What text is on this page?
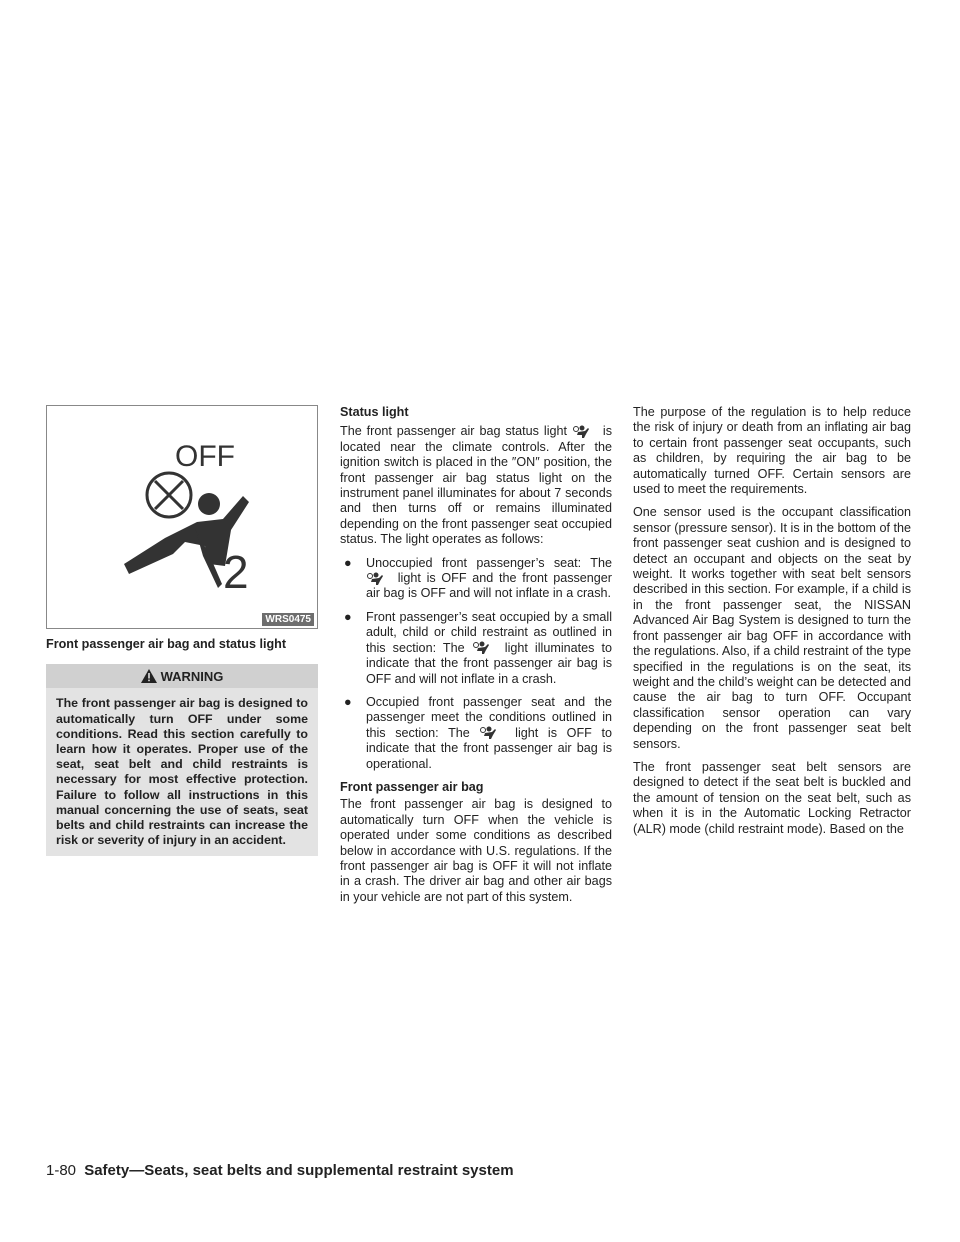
OFF
2
WRS0475
Front passenger air bag and status light
WARNING
The front passenger air bag is designed to automatically turn OFF under some conditions. Read this section carefully to learn how it operates. Proper use of the seat, seat belt and child restraints is necessary for most effective protection. Failure to follow all instructions in this manual concerning the use of seats, seat belts and child restraints can increase the risk or severity of injury in an accident.
Status light

The front passenger air bag status light	is located near the climate controls. After the ignition switch is placed in the ″ON″ position, the front passenger air bag status light on the instrument panel illuminates for about 7 seconds and then turns off or remains illuminated depending on the front passenger seat occupied status. The light operates as follows:

● Unoccupied front passenger’s seat: The  light is OFF and the front passenger air bag is OFF and will not inflate in a crash.
● Front passenger’s seat occupied by a small adult, child or child restraint as outlined in this section: The	light illuminates to indicate that the front passenger air bag is OFF and will not inflate in a crash.
● Occupied front passenger seat and the passenger meet the conditions outlined in this section: The	light is OFF to indicate that the front passenger air bag is operational.
Front passenger air bag

The front passenger air bag is designed to automatically turn OFF when the vehicle is operated under some conditions as described below in accordance with U.S. regulations. If the front passenger air bag is OFF it will not inflate in a crash. The driver air bag and other air bags in your vehicle are not part of this system.

The purpose of the regulation is to help reduce the risk of injury or death from an inflating air bag to certain front passenger seat occupants, such as children, by requiring the air bag to be automatically turned OFF. Certain sensors are used to meet the requirements.

One sensor used is the occupant classification sensor (pressure sensor). It is in the bottom of the front passenger seat cushion and is designed to detect an occupant and objects on the seat by weight. It works together with seat belt sensors described in this section. For example, if a child is in the front passenger seat, the NISSAN Advanced Air Bag System is designed to turn the front passenger air bag OFF in accordance with the regulations. Also, if a child restraint of the type specified in the regulations is on the seat, its weight and the child’s weight can be detected and cause the air bag to turn OFF. Occupant classification sensor operation can vary depending on the front passenger seat belt sensors.

The front passenger seat belt sensors are designed to detect if the seat belt is buckled and the amount of tension on the seat belt, such as when it is in the Automatic Locking Retractor (ALR) mode (child restraint mode). Based on the

1-80 Safety—Seats, seat belts and supplemental restraint system
